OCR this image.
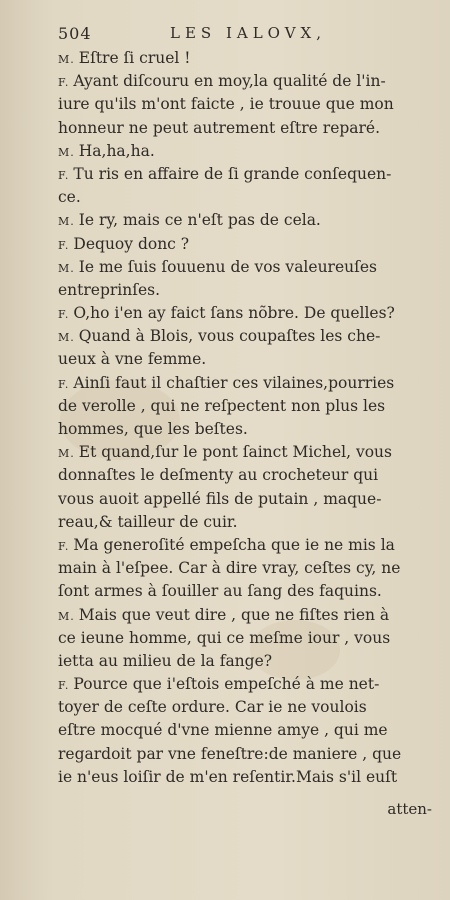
504	LES IALOVX,
M. Eſtre ſi cruel !
F. Ayant diſcouru en moy,la qualité de l'in-
iure qu'ils m'ont faicte , ie trouue que mon
honneur ne peut autrement eſtre reparé.
M. Ha,ha,ha.
F. Tu ris en affaire de ſi grande conſequen-
ce.
M. Ie ry, mais ce n'eſt pas de cela.
F. Dequoy donc ?
M. Ie me ſuis ſouuenu de vos valeureuſes
entreprinſes.
F. O,ho i'en ay faict ſans nõbre. De quelles?
M. Quand à Blois, vous coupaſtes les che-
ueux à vne femme.
F. Ainſi faut il chaſtier ces vilaines,pourries
de verolle , qui ne reſpectent non plus les
hommes, que les beſtes.
M. Et quand,ſur le pont ſainct Michel, vous
donnaſtes le deſmenty au crocheteur qui
vous auoit appellé fils de putain , maque-
reau,& tailleur de cuir.
F. Ma generoſité empeſcha que ie ne mis la
main à l'eſpee. Car à dire vray, ceſtes cy, ne
ſont armes à ſouiller au ſang des faquins.
M. Mais que veut dire , que ne fiſtes rien à
ce ieune homme, qui ce meſme iour , vous
ietta au milieu de la fange?
F. Pource que i'eſtois empeſché à me net-
toyer de ceſte ordure. Car ie ne voulois
eſtre mocqué d'vne mienne amye , qui me
regardoit par vne feneſtre:de maniere , que
ie n'eus loiſir de m'en reſentir.Mais s'il euſt
atten-
